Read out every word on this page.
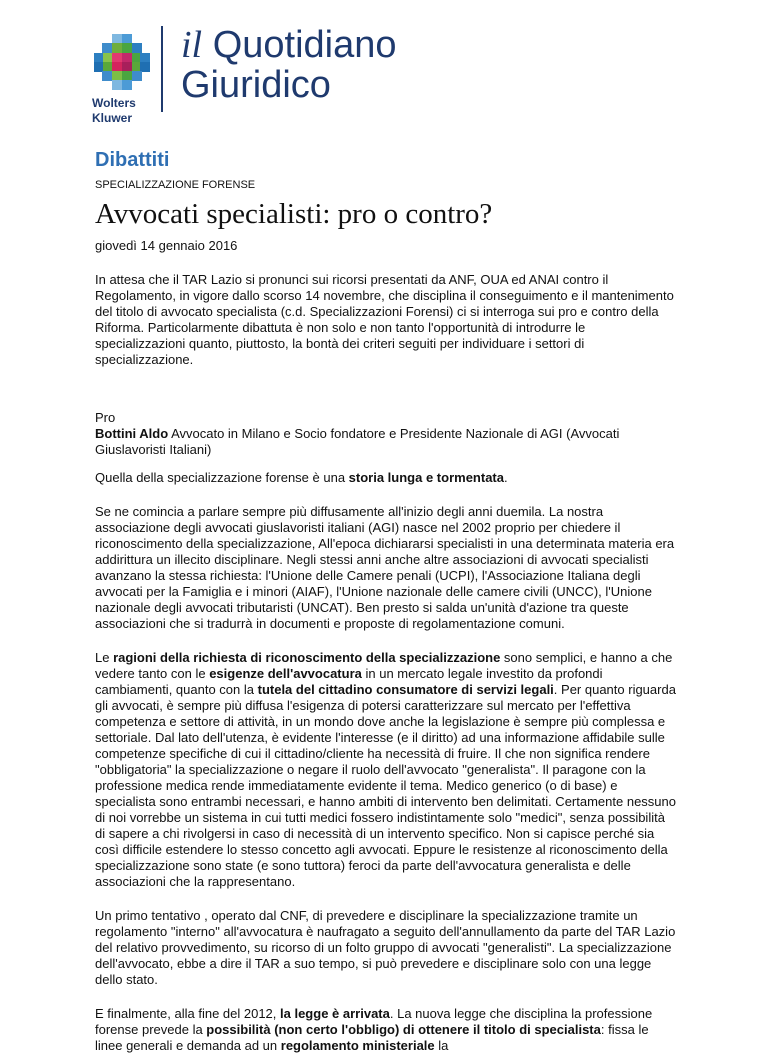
Wolters
Kluwer
il Quotidiano
Giuridico
Dibattiti
SPECIALIZZAZIONE FORENSE
Avvocati specialisti: pro o contro?
giovedì 14 gennaio 2016

In attesa che il TAR Lazio si pronunci sui ricorsi presentati da ANF, OUA ed ANAI contro il Regolamento, in vigore dallo scorso 14 novembre, che disciplina il conseguimento e il mantenimento del titolo di avvocato specialista (c.d. Specializzazioni Forensi) ci si interroga sui pro e contro della Riforma. Particolarmente dibattuta è non solo e non tanto l'opportunità di introdurre le specializzazioni quanto, piuttosto, la bontà dei criteri seguiti per individuare i settori di specializzazione.

Pro

Bottini Aldo Avvocato in Milano e Socio fondatore e Presidente Nazionale di AGI (Avvocati Giuslavoristi Italiani)

Quella della specializzazione forense è una storia lunga e tormentata.

Se ne comincia a parlare sempre più diffusamente all'inizio degli anni duemila. La nostra associazione degli avvocati giuslavoristi italiani (AGI) nasce nel 2002 proprio per chiedere il riconoscimento della specializzazione, All'epoca dichiararsi specialisti in una determinata materia era addirittura un illecito disciplinare. Negli stessi anni anche altre associazioni di avvocati specialisti avanzano la stessa richiesta: l'Unione delle Camere penali (UCPI), l'Associazione Italiana degli avvocati per la Famiglia e i minori (AIAF), l'Unione nazionale delle camere civili (UNCC), l'Unione nazionale degli avvocati tributaristi (UNCAT). Ben presto si salda un'unità d'azione tra queste associazioni che si tradurrà in documenti e proposte di regolamentazione comuni.

Le ragioni della richiesta di riconoscimento della specializzazione sono semplici, e hanno a che vedere tanto con le esigenze dell'avvocatura in un mercato legale investito da profondi cambiamenti, quanto con la tutela del cittadino consumatore di servizi legali. Per quanto riguarda gli avvocati, è sempre più diffusa l'esigenza di potersi caratterizzare sul mercato per l'effettiva competenza e settore di attività, in un mondo dove anche la legislazione è sempre più complessa e settoriale. Dal lato dell'utenza, è evidente l'interesse (e il diritto) ad una informazione affidabile sulle competenze specifiche di cui il cittadino/cliente ha necessità di fruire. Il che non significa rendere "obbligatoria" la specializzazione o negare il ruolo dell'avvocato "generalista". Il paragone con la professione medica rende immediatamente evidente il tema. Medico generico (o di base) e specialista sono entrambi necessari, e hanno ambiti di intervento ben delimitati. Certamente nessuno di noi vorrebbe un sistema in cui tutti medici fossero indistintamente solo "medici", senza possibilità di sapere a chi rivolgersi in caso di necessità di un intervento specifico. Non si capisce perché sia così difficile estendere lo stesso concetto agli avvocati. Eppure le resistenze al riconoscimento della specializzazione sono state (e sono tuttora) feroci da parte dell'avvocatura generalista e delle associazioni che la rappresentano.

Un primo tentativo , operato dal CNF, di prevedere e disciplinare la specializzazione tramite un regolamento "interno" all'avvocatura è naufragato a seguito dell'annullamento da parte del TAR Lazio del relativo provvedimento, su ricorso di un folto gruppo di avvocati "generalisti". La specializzazione dell'avvocato, ebbe a dire il TAR a suo tempo, si può prevedere e disciplinare solo con una legge dello stato.

E finalmente, alla fine del 2012, la legge è arrivata. La nuova legge che disciplina la professione forense prevede la possibilità (non certo l'obbligo) di ottenere il titolo di specialista: fissa le linee generali e demanda ad un regolamento ministeriale la
